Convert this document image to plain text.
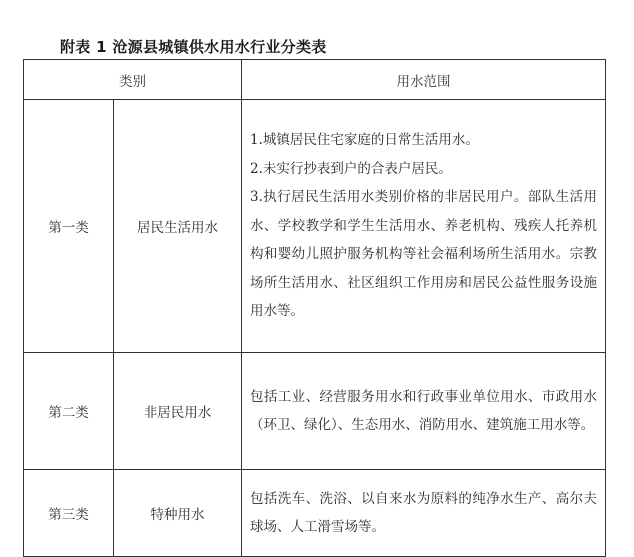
附表 1 沧源县城镇供水用水行业分类表
类别		用水范围
第一类	居民生活用水	1.城镇居民住宅家庭的日常生活用水。
2.未实行抄表到户的合表户居民。
3.执行居民生活用水类别价格的非居民用户。部队生活用水、学校教学和学生生活用水、养老机构、残疾人托养机构和婴幼儿照护服务机构等社会福利场所生活用水。宗教场所生活用水、社区组织工作用房和居民公益性服务设施用水等。

第二类	非居民用水	包括工业、经营服务用水和行政事业单位用水、市政用水（环卫、绿化）、生态用水、消防用水、建筑施工用水等。

第三类	特种用水	包括洗车、洗浴、以自来水为原料的纯净水生产、高尔夫球场、人工滑雪场等。
